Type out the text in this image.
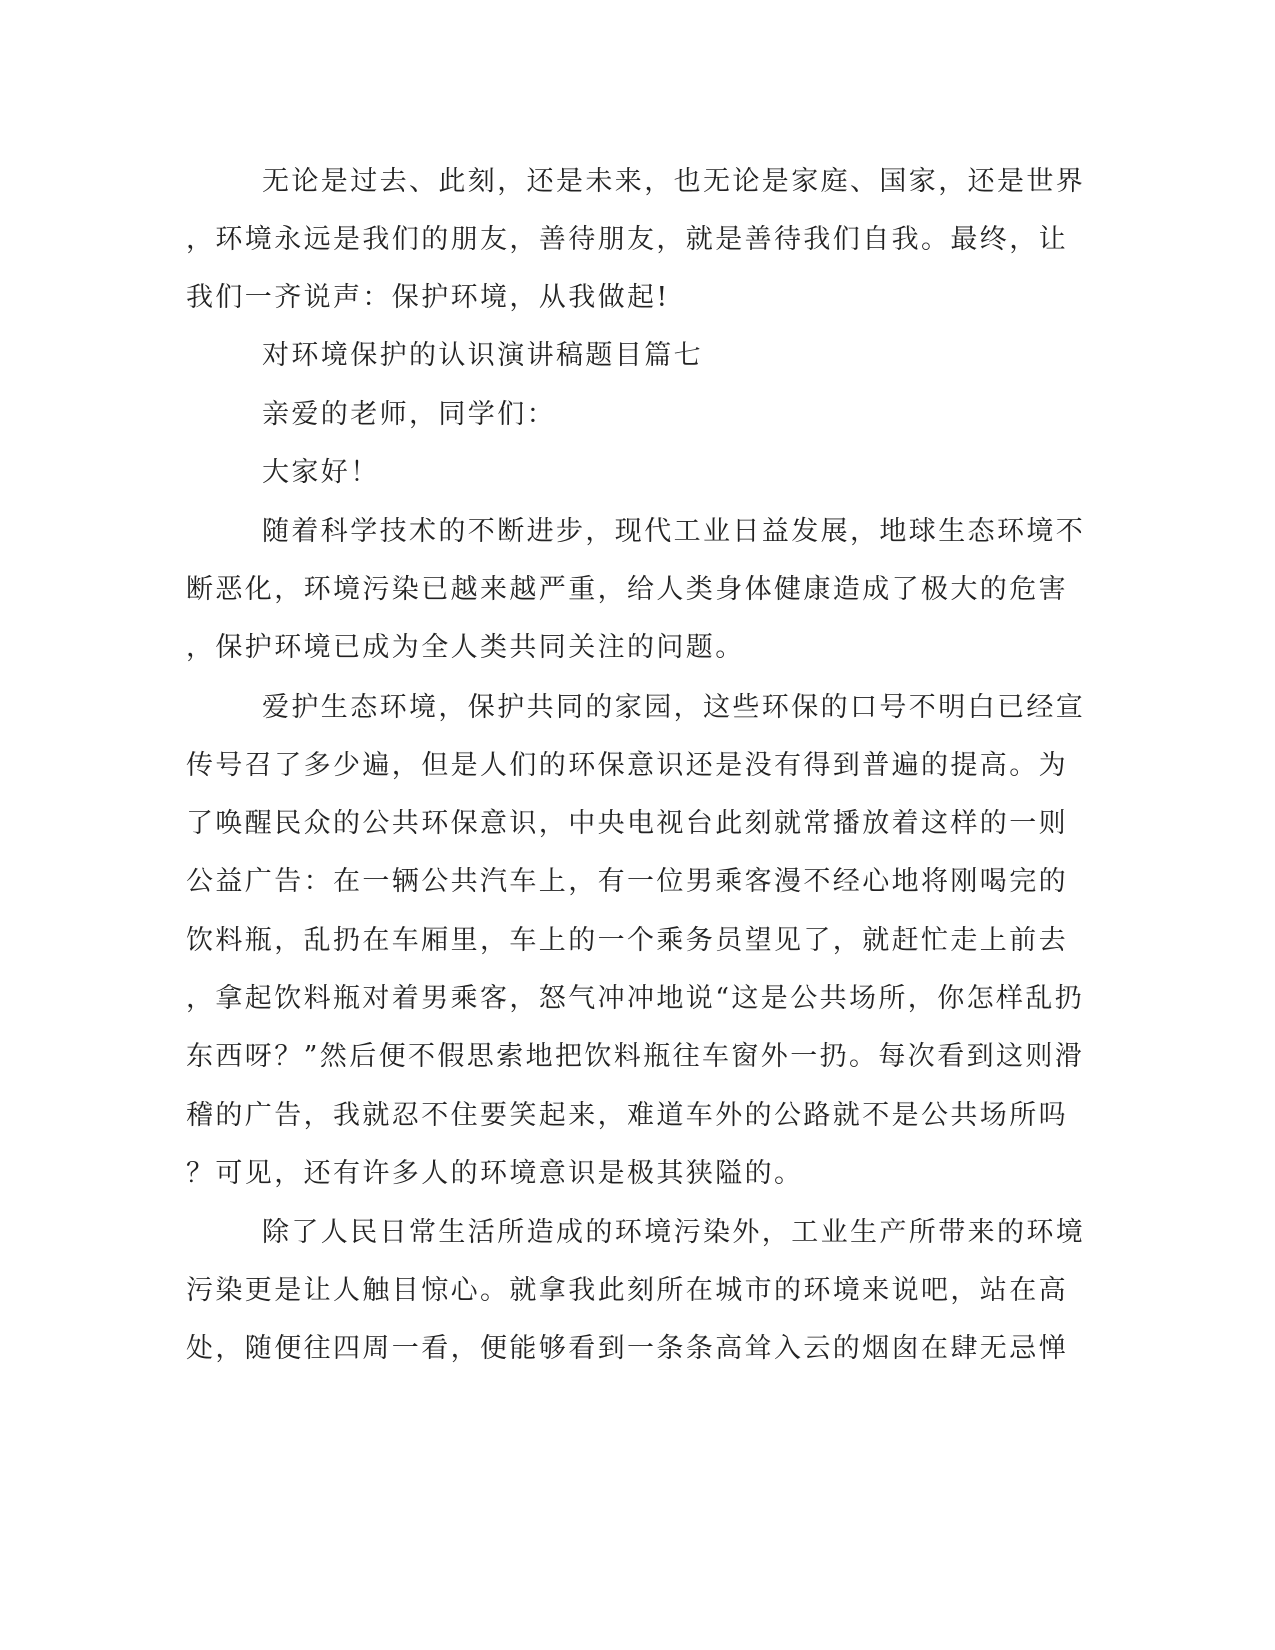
无论是过去、此刻，还是未来，也无论是家庭、国家，还是世界
，环境永远是我们的朋友，善待朋友，就是善待我们自我。最终，让
我们一齐说声：保护环境，从我做起!
对环境保护的认识演讲稿题目篇七
亲爱的老师，同学们：
大家好！
随着科学技术的不断进步，现代工业日益发展，地球生态环境不
断恶化，环境污染已越来越严重，给人类身体健康造成了极大的危害
，保护环境已成为全人类共同关注的问题。
爱护生态环境，保护共同的家园，这些环保的口号不明白已经宣
传号召了多少遍，但是人们的环保意识还是没有得到普遍的提高。为
了唤醒民众的公共环保意识，中央电视台此刻就常播放着这样的一则
公益广告：在一辆公共汽车上，有一位男乘客漫不经心地将刚喝完的
饮料瓶，乱扔在车厢里，车上的一个乘务员望见了，就赶忙走上前去
，拿起饮料瓶对着男乘客，怒气冲冲地说“这是公共场所，你怎样乱扔
东西呀？”然后便不假思索地把饮料瓶往车窗外一扔。每次看到这则滑
稽的广告，我就忍不住要笑起来，难道车外的公路就不是公共场所吗
？可见，还有许多人的环境意识是极其狭隘的。
除了人民日常生活所造成的环境污染外，工业生产所带来的环境
污染更是让人触目惊心。就拿我此刻所在城市的环境来说吧，站在高
处，随便往四周一看，便能够看到一条条高耸入云的烟囱在肆无忌惮
